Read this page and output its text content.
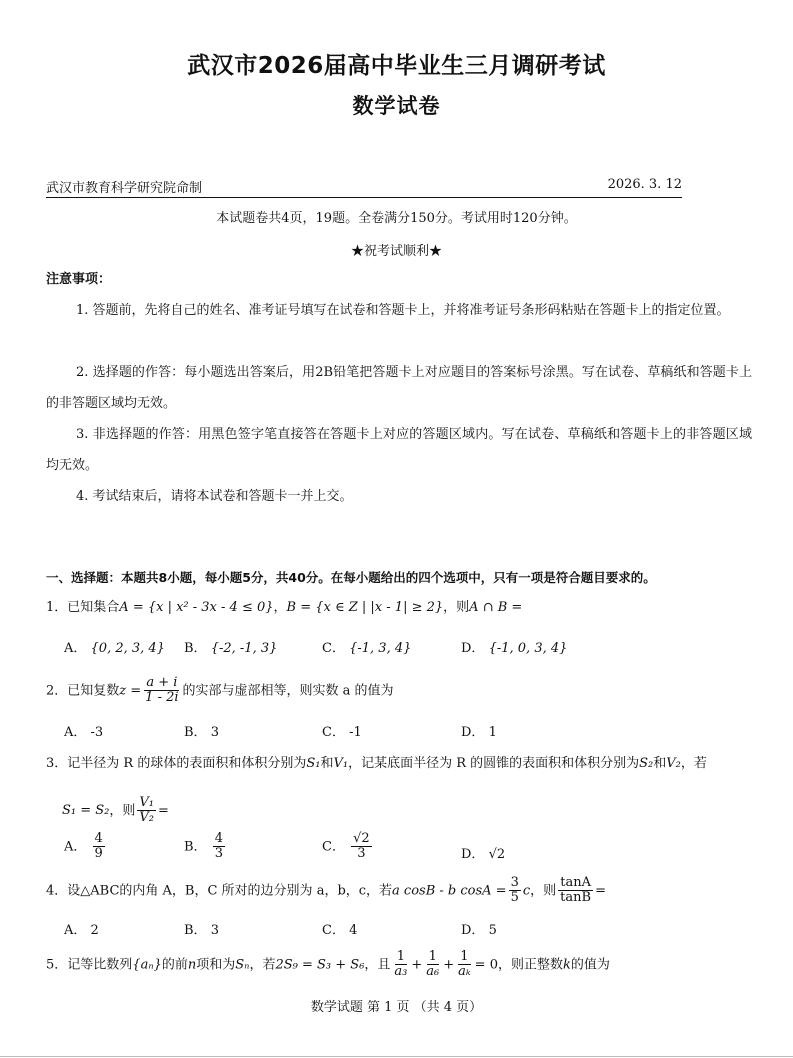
武汉市2026届高中毕业生三月调研考试
数学试卷
武汉市教育科学研究院命制	2026. 3. 12
本试题卷共4页，19题。全卷满分150分。考试用时120分钟。
★祝考试顺利★
注意事项：
1. 答题前，先将自己的姓名、准考证号填写在试卷和答题卡上，并将准考证号条形码粘贴在答题卡上的指定位置。
2. 选择题的作答：每小题选出答案后，用2B铅笔把答题卡上对应题目的答案标号涂黑。写在试卷、草稿纸和答题卡上的非答题区域均无效。
3. 非选择题的作答：用黑色签字笔直接答在答题卡上对应的答题区域内。写在试卷、草稿纸和答题卡上的非答题区域均无效。
4. 考试结束后，请将本试卷和答题卡一并上交。
一、选择题：本题共8小题，每小题5分，共40分。在每小题给出的四个选项中，只有一项是符合题目要求的。
1．已知集合A = {x | x² - 3x - 4 ≤ 0}，B = {x ∈ Z | |x - 1| ≥ 2}，则A ∩ B =
A． {0, 2, 3, 4} B． {-2, -1, 3}	C． {-1, 3, 4}	D． {-1, 0, 3, 4}
2．已知复数$z = \frac{a + i}{1 - 2i}$ 的实部与虚部相等，则实数 a 的值为
A． -3	B． 3	C． -1	D． 1
3．记半径为 R 的球体的表面积和体积分别为S₁和V₁，记某底面半径为 R 的圆锥的表面积和体积分别为S₂和V₂，若
S₁ = S₂，则 $\frac{\text{V₁}}{\text{V₂}}$ =
A． $\frac{4}{9}$	B． $\frac{4}{3}$	C． $\frac{√2}{3}$	D． √2
4．设△ABC的内角 A，B，C 所对的边分别为 a，b，c，若a cosB - b $\cos A = \frac{3}{5}$ c，则 $\frac{\tan A}{\tan B}$ =
A． 2	B． 3	C． 4	D． 5
5．记等比数列{aₙ}的前n项和为Sₙ，若2S₉ = S₃ + S₆，且 $\frac{1}{\text{a₃}} + \frac{1}{\text{a₆}} + \frac{1}{\text{aₖ}} = 0$，则正整数k的值为
数学试题 第 1 页 （共 4 页）
